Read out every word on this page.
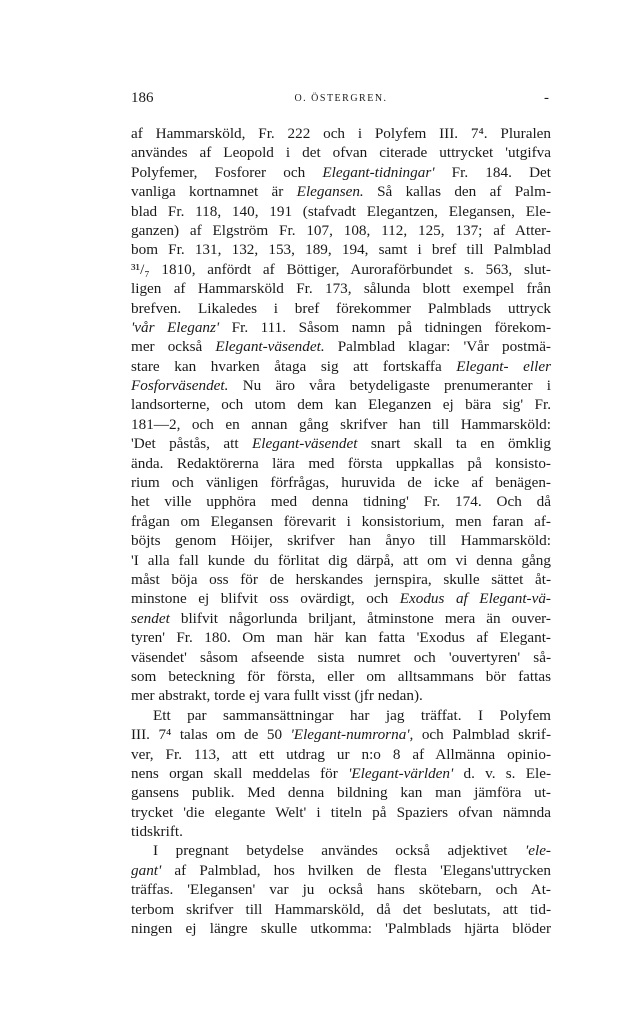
186	O. ÖSTERGREN.	-
af Hammarsköld, Fr. 222 och i Polyfem III. 7⁴. Pluralen
användes af Leopold i det ofvan citerade uttrycket 'utgifva
Polyfemer, Fosforer och Elegant-tidningar' Fr. 184. Det
vanliga kortnamnet är Elegansen. Så kallas den af Palm-
blad Fr. 118, 140, 191 (stafvadt Elegantzen, Elegansen, Ele-
ganzen) af Elgström Fr. 107, 108, 112, 125, 137; af Atter-
bom Fr. 131, 132, 153, 189, 194, samt i bref till Palmblad
³¹/₇ 1810, anfördt af Böttiger, Auroraförbundet s. 563, slut-
ligen af Hammarsköld Fr. 173, sålunda blott exempel från
brefven. Likaledes i bref förekommer Palmblads uttryck
'vår Eleganz' Fr. 111. Såsom namn på tidningen förekom-
mer också Elegant-väsendet. Palmblad klagar: 'Vår postmä-
stare kan hvarken åtaga sig att fortskaffa Elegant- eller
Fosforväsendet. Nu äro våra betydeligaste prenumeranter i
landsorterne, och utom dem kan Eleganzen ej bära sig' Fr.
181—2, och en annan gång skrifver han till Hammarsköld:
'Det påstås, att Elegant-väsendet snart skall ta en ömklig
ända. Redaktörerna lära med första uppkallas på konsisto-
rium och vänligen förfrågas, huruvida de icke af benägen-
het ville upphöra med denna tidning' Fr. 174. Och då
frågan om Elegansen förevarit i konsistorium, men faran af-
böjts genom Höijer, skrifver han ånyo till Hammarsköld:
'I alla fall kunde du förlitat dig därpå, att om vi denna gång
måst böja oss för de herskandes jernspira, skulle sättet åt-
minstone ej blifvit oss ovärdigt, och Exodus af Elegant-vä-
sendet blifvit någorlunda briljant, åtminstone mera än ouver-
tyren' Fr. 180. Om man här kan fatta 'Exodus af Elegant-
väsendet' såsom afseende sista numret och 'ouvertyren' så-
som beteckning för första, eller om alltsammans bör fattas
mer abstrakt, torde ej vara fullt visst (jfr nedan).
Ett par sammansättningar har jag träffat. I Polyfem
III. 7⁴ talas om de 50 'Elegant-numrorna', och Palmblad skrif-
ver, Fr. 113, att ett utdrag ur n:o 8 af Allmänna opinio-
nens organ skall meddelas för 'Elegant-världen' d. v. s. Ele-
gansens publik. Med denna bildning kan man jämföra ut-
trycket 'die elegante Welt' i titeln på Spaziers ofvan nämnda
tidskrift.
I pregnant betydelse användes också adjektivet 'ele-
gant' af Palmblad, hos hvilken de flesta 'Elegans'uttrycken
träffas. 'Elegansen' var ju också hans skötebarn, och At-
terbom skrifver till Hammarsköld, då det beslutats, att tid-
ningen ej längre skulle utkomma: 'Palmblads hjärta blöder
